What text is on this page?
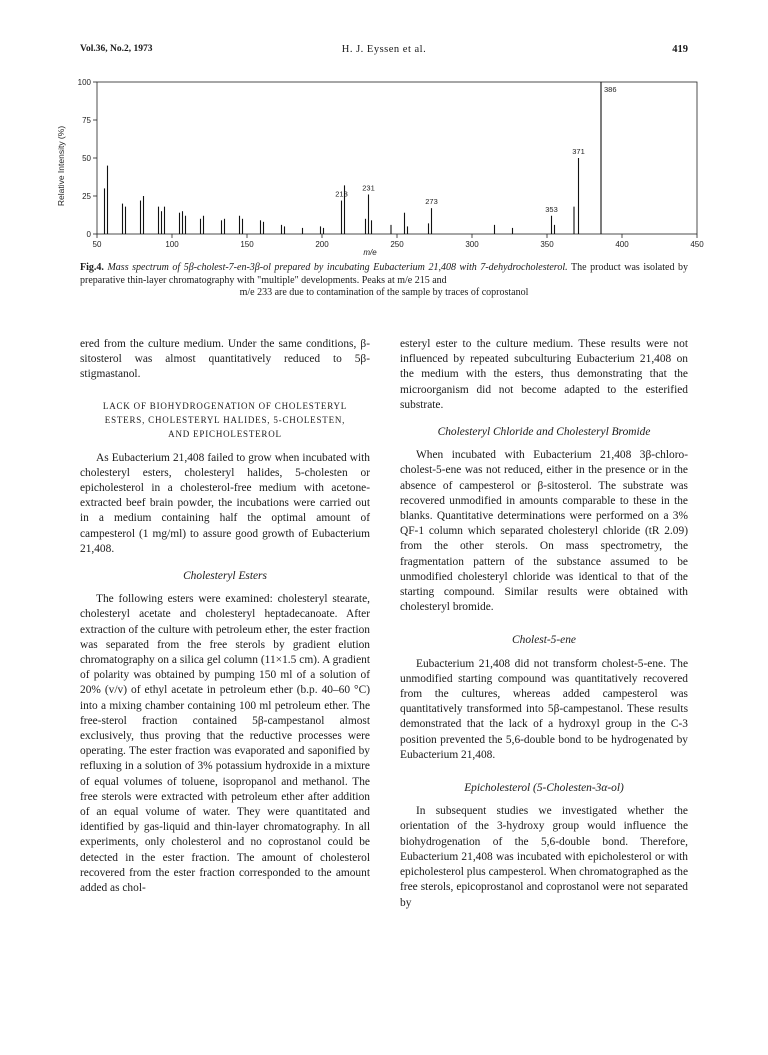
Vol.36, No.2, 1973	H. J. Eyssen et al.	419
0
25
50
75
100
50	100	150	200	250	300	350	400	450
213
231
273
353
371
386
Relative Intensity (%)
m/e
Fig.4. Mass spectrum of 5β-cholest-7-en-3β-ol prepared by incubating Eubacterium 21,408 with 7-dehydrocholesterol. The product was isolated by preparative thin-layer chromatography with "multiple" developments. Peaks at m/e 215 and
m/e 233 are due to contamination of the sample by traces of coprostanol

ered from the culture medium. Under the same conditions, β-sitosterol was almost quantitatively reduced to 5β-stigmastanol.

LACK OF BIOHYDROGENATION OF CHOLESTERYL
ESTERS, CHOLESTERYL HALIDES, 5-CHOLESTEN,
AND EPICHOLESTEROL

As Eubacterium 21,408 failed to grow when incubated with cholesteryl esters, cholesteryl halides, 5-cholesten or epicholesterol in a cholesterol-free medium with acetone-extracted beef brain powder, the incubations were carried out in a medium containing half the optimal amount of campesterol (1 mg/ml) to assure good growth of Eubacterium 21,408.

Cholesteryl Esters

The following esters were examined: cholesteryl stearate, cholesteryl acetate and cholesteryl heptadecanoate. After extraction of the culture with petroleum ether, the ester fraction was separated from the free sterols by gradient elution chromatography on a silica gel column (11×1.5 cm). A gradient of polarity was obtained by pumping 150 ml of a solution of 20% (v/v) of ethyl acetate in petroleum ether (b.p. 40–60 °C) into a mixing chamber containing 100 ml petroleum ether. The free-sterol fraction contained 5β-campestanol almost exclusively, thus proving that the reductive processes were operating. The ester fraction was evaporated and saponified by refluxing in a solution of 3% potassium hydroxide in a mixture of equal volumes of toluene, isopropanol and methanol. The free sterols were extracted with petroleum ether after addition of an equal volume of water. They were quantitated and identified by gas-liquid and thin-layer chromatography. In all experiments, only cholesterol and no coprostanol could be detected in the ester fraction. The amount of cholesterol recovered from the ester fraction corresponded to the amount added as chol-

esteryl ester to the culture medium. These results were not influenced by repeated subculturing Eubacterium 21,408 on the medium with the esters, thus demonstrating that the microorganism did not become adapted to the esterified substrate.

Cholesteryl Chloride and Cholesteryl Bromide

When incubated with Eubacterium 21,408 3β-chloro-cholest-5-ene was not reduced, either in the presence or in the absence of campesterol or β-sitosterol. The substrate was recovered unmodified in amounts comparable to these in the blanks. Quantitative determinations were performed on a 3% QF-1 column which separated cholesteryl chloride (tR 2.09) from the other sterols. On mass spectrometry, the fragmentation pattern of the substance assumed to be unmodified cholesteryl chloride was identical to that of the starting compound. Similar results were obtained with cholesteryl bromide.

Cholest-5-ene

Eubacterium 21,408 did not transform cholest-5-ene. The unmodified starting compound was quantitatively recovered from the cultures, whereas added campesterol was quantitatively transformed into 5β-campestanol. These results demonstrated that the lack of a hydroxyl group in the C-3 position prevented the 5,6-double bond to be hydrogenated by Eubacterium 21,408.

Epicholesterol (5-Cholesten-3α-ol)

In subsequent studies we investigated whether the orientation of the 3-hydroxy group would influence the biohydrogenation of the 5,6-double bond. Therefore, Eubacterium 21,408 was incubated with epicholesterol or with epicholesterol plus campesterol. When chromatographed as the free sterols, epicoprostanol and coprostanol were not separated by
